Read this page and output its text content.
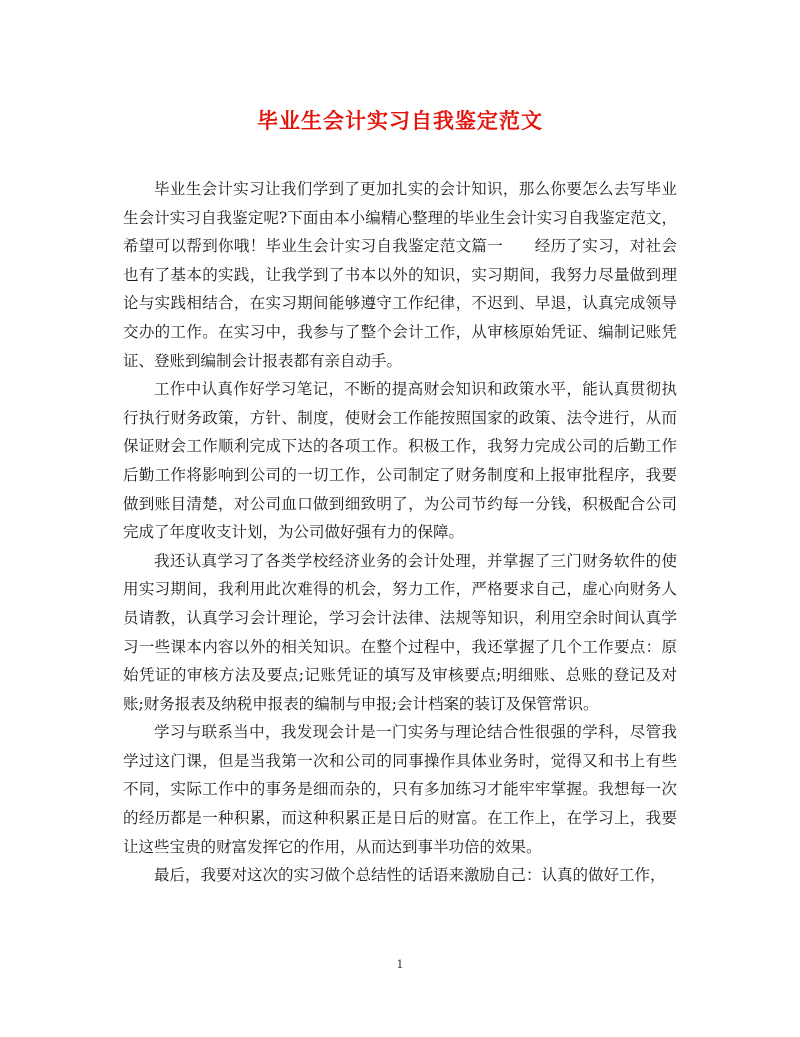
毕业生会计实习自我鉴定范文

毕业生会计实习让我们学到了更加扎实的会计知识，那么你要怎么去写毕业生会计实习自我鉴定呢?下面由本小编精心整理的毕业生会计实习自我鉴定范文，希望可以帮到你哦！毕业生会计实习自我鉴定范文篇一　　经历了实习，对社会也有了基本的实践，让我学到了书本以外的知识，实习期间，我努力尽量做到理论与实践相结合，在实习期间能够遵守工作纪律，不迟到、早退，认真完成领导交办的工作。在实习中，我参与了整个会计工作，从审核原始凭证、编制记账凭证、登账到编制会计报表都有亲自动手。

工作中认真作好学习笔记，不断的提高财会知识和政策水平，能认真贯彻执行执行财务政策，方针、制度，使财会工作能按照国家的政策、法令进行，从而保证财会工作顺利完成下达的各项工作。积极工作，我努力完成公司的后勤工作后勤工作将影响到公司的一切工作，公司制定了财务制度和上报审批程序，我要做到账目清楚，对公司血口做到细致明了，为公司节约每一分钱，积极配合公司完成了年度收支计划，为公司做好强有力的保障。

我还认真学习了各类学校经济业务的会计处理，并掌握了三门财务软件的使用实习期间，我利用此次难得的机会，努力工作，严格要求自己，虚心向财务人员请教，认真学习会计理论，学习会计法律、法规等知识，利用空余时间认真学习一些课本内容以外的相关知识。在整个过程中，我还掌握了几个工作要点：原始凭证的审核方法及要点;记账凭证的填写及审核要点;明细账、总账的登记及对账;财务报表及纳税申报表的编制与申报;会计档案的装订及保管常识。

学习与联系当中，我发现会计是一门实务与理论结合性很强的学科，尽管我学过这门课，但是当我第一次和公司的同事操作具体业务时，觉得又和书上有些不同，实际工作中的事务是细而杂的，只有多加练习才能牢牢掌握。我想每一次的经历都是一种积累，而这种积累正是日后的财富。在工作上，在学习上，我要让这些宝贵的财富发挥它的作用，从而达到事半功倍的效果。

最后，我要对这次的实习做个总结性的话语来激励自己：认真的做好工作，

1
